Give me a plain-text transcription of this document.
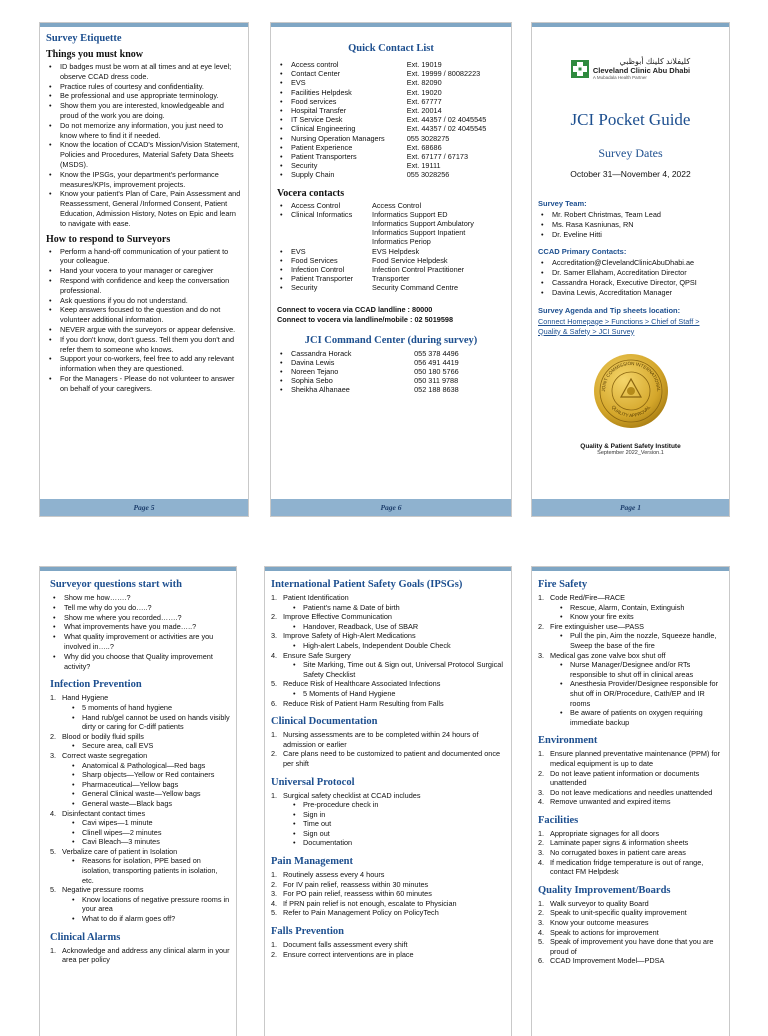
Survey Etiquette
Things you must know
• ID badges must be worn at all times and at eye level; observe CCAD dress code.
• Practice rules of courtesy and confidentiality.
• Be professional and use appropriate terminology.
• Show them you are interested, knowledgeable and proud of the work you are doing.
• Do not memorize any information, you just need to know where to find it if needed.
• Know the location of CCAD's Mission/Vision Statement, Policies and Procedures, Material Safety Data Sheets (MSDS).
• Know the IPSGs, your department's performance measures/KPIs, improvement projects.
• Know your patient's Plan of Care, Pain Assessment and Reassessment, General /Informed Consent, Patient Education, Admission History, Notes on Epic and learn to navigate with ease.
How to respond to Surveyors
• Perform a hand-off communication of your patient to your colleague.
• Hand your vocera to your manager or caregiver
• Respond with confidence and keep the conversation professional.
• Ask questions if you do not understand.
• Keep answers focused to the question and do not volunteer additional information.
• NEVER argue with the surveyors or appear defensive.
• If you don't know, don't guess. Tell them you don't and refer them to someone who knows.
• Support your co-workers, feel free to add any relevant information when they are questioned.
• For the Managers - Please do not volunteer to answer on behalf of your caregivers.
Page 5
Quick Contact List
•	Access control	Ext. 19019
•	Contact Center	Ext. 19999 / 80082223
•	EVS	Ext. 82090
•	Facilities Helpdesk	Ext. 19020
•	Food services	Ext. 67777
•	Hospital Transfer	Ext. 20014
•	IT Service Desk	Ext. 44357 / 02 4045545
•	Clinical Engineering	Ext. 44357 / 02 4045545
•	Nursing Operation Managers	055 3028275
•	Patient Experience	Ext. 68686
•	Patient Transporters	Ext. 67177 / 67173
•	Security	Ext. 19111
•	Supply Chain	055 3028256
Vocera contacts
•	Access Control	Access Control
•	Clinical Informatics	Informatics Support ED
		Informatics Support Ambulatory
		Informatics Support Inpatient
		Informatics Periop
•	EVS	EVS Helpdesk
•	Food Services	Food Service Helpdesk
•	Infection Control	Infection Control Practitioner
•	Patient Transporter	Transporter
•	Security	Security Command Centre
Connect to vocera via CCAD landline : 80000
Connect to vocera via landline/mobile : 02 5019598
JCI Command Center (during survey)
•	Cassandra Horack	055 378 4496
•	Davina Lewis	056 491 4419
•	Noreen Tejano	050 180 5766
•	Sophia Sebo	050 311 9788
•	Sheikha Alhanaee	052 188 8638
Page 6
كليفلاند كلينك أبوظبي
Cleveland Clinic Abu Dhabi
A Mubadala Health Partner
JCI Pocket Guide
Survey Dates
October 31—November 4, 2022
Survey Team:
• Mr. Robert Christmas, Team Lead
• Ms. Rasa Kasniunas, RN
• Dr. Eveline Hitti
CCAD Primary Contacts:
• Accreditation@ClevelandClinicAbuDhabi.ae
• Dr. Samer Ellaham, Accreditation Director
• Cassandra Horack, Executive Director, QPSI
• Davina Lewis, Accreditation Manager
Survey Agenda and Tip sheets location:
Connect Homepage > Functions > Chief of Staff > Quality & Safety > JCI Survey
JOINT COMMISSION INTERNATIONAL
QUALITY APPROVAL
Quality & Patient Safety Institute
September 2022_Version.1
Page 1
Surveyor questions start with
• Show me how…….?
• Tell me why do you do…..?
• Show me where you recorded…….?
• What improvements have you made…..?
• What quality improvement or activities are you involved in…..?
• Why did you choose that Quality improvement activity?
Infection Prevention
1. Hand Hygiene
• 5 moments of hand hygiene
• Hand rub/gel cannot be used on hands visibly dirty or caring for C-diff patients
2. Blood or bodily fluid spills
• Secure area, call EVS
3. Correct waste segregation
• Anatomical & Pathological—Red bags
• Sharp objects—Yellow or Red containers
• Pharmaceutical—Yellow bags
• General Clinical waste—Yellow bags
• General waste—Black bags
4. Disinfectant contact times
• Cavi wipes—1 minute
• Clinell wipes—2 minutes
• Cavi Bleach—3 minutes
5. Verbalize care of patient in Isolation
• Reasons for isolation, PPE based on isolation, transporting patients in isolation, etc.
5. Negative pressure rooms
• Know locations of negative pressure rooms in your area
• What to do if alarm goes off?
Clinical Alarms
1. Acknowledge and address any clinical alarm in your area per policy
International Patient Safety Goals (IPSGs)
1. Patient Identification
• Patient's name & Date of birth
2. Improve Effective Communication
• Handover, Readback, Use of SBAR
3. Improve Safety of High-Alert Medications
• High-alert Labels, Independent Double Check
4. Ensure Safe Surgery
• Site Marking, Time out & Sign out, Universal Protocol Surgical Safety Checklist
5. Reduce Risk of Healthcare Associated Infections
• 5 Moments of Hand Hygiene
6. Reduce Risk of Patient Harm Resulting from Falls
Clinical Documentation
1. Nursing assessments are to be completed within 24 hours of admission or earlier
2. Care plans need to be customized to patient and documented once per shift
Universal Protocol
1. Surgical safety checklist at CCAD includes
• Pre-procedure check in
• Sign in
• Time out
• Sign out
• Documentation
Pain Management
1. Routinely assess every 4 hours
2. For IV pain relief, reassess within 30 minutes
3. For PO pain relief, reassess within 60 minutes
4. If PRN pain relief is not enough, escalate to Physician
5. Refer to Pain Management Policy on PolicyTech
Falls Prevention
1. Document falls assessment every shift
2. Ensure correct interventions are in place
Fire Safety
1. Code Red/Fire—RACE
• Rescue, Alarm, Contain, Extinguish
• Know your fire exits
2. Fire extinguisher use—PASS
• Pull the pin, Aim the nozzle, Squeeze handle, Sweep the base of the fire
3. Medical gas zone valve box shut off
• Nurse Manager/Designee and/or RTs responsible to shut off in clinical areas
• Anesthesia Provider/Designee responsible for shut off in OR/Procedure, Cath/EP and IR rooms
• Be aware of patients on oxygen requiring immediate backup
Environment
1. Ensure planned preventative maintenance (PPM) for medical equipment is up to date
2. Do not leave patient information or documents unattended
3. Do not leave medications and needles unattended
4. Remove unwanted and expired items
Facilities
1. Appropriate signages for all doors
2. Laminate paper signs & information sheets
3. No corrugated boxes in patient care areas
4. If medication fridge temperature is out of range, contact FM Helpdesk
Quality Improvement/Boards
1. Walk surveyor to quality Board
2. Speak to unit-specific quality improvement
3. Know your outcome measures
4. Speak to actions for improvement
5. Speak of improvement you have done that you are proud of
6. CCAD Improvement Model—PDSA
